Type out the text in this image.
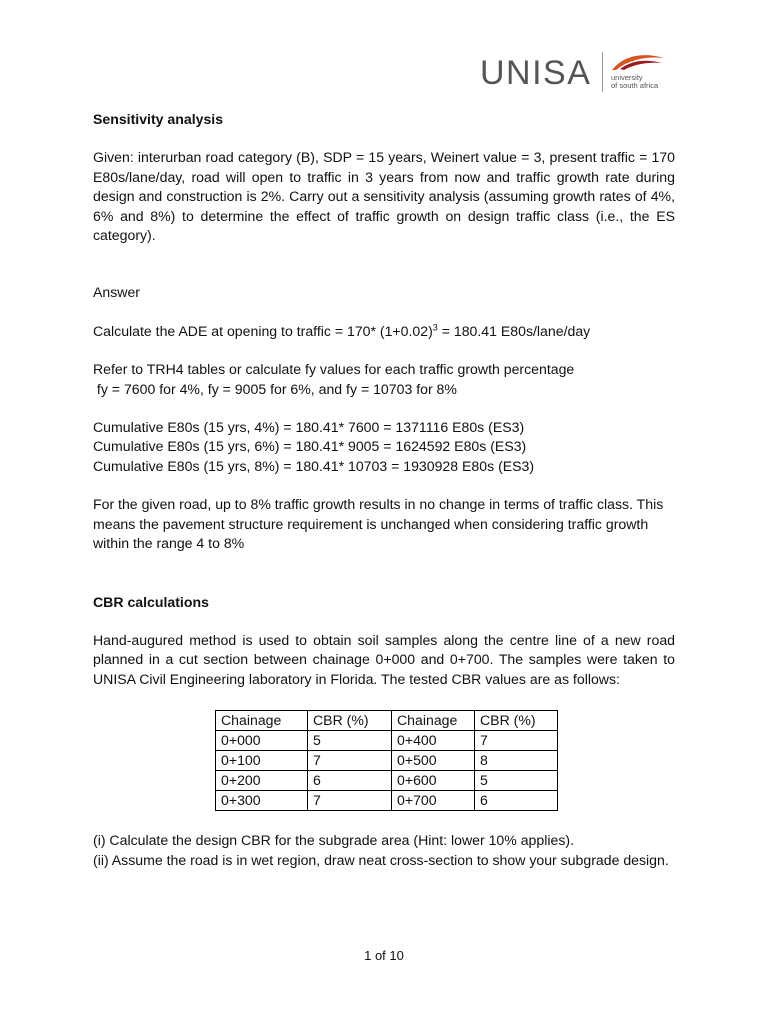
UNISA	university
of south africa

Sensitivity analysis

Given: interurban road category (B), SDP = 15 years, Weinert value = 3, present traffic = 170 E80s/lane/day, road will open to traffic in 3 years from now and traffic growth rate during design and construction is 2%. Carry out a sensitivity analysis (assuming growth rates of 4%, 6% and 8%) to determine the effect of traffic growth on design traffic class (i.e., the ES category).

Answer

Calculate the ADE at opening to traffic = 170* $(1+0.02)^3 = 180.41$ E80s/lane/day

Refer to TRH4 tables or calculate fy values for each traffic growth percentage

fy = 7600 for 4%, fy = 9005 for 6%, and fy = 10703 for 8%

Cumulative E80s (15 yrs, 4%) = 180.41* 7600 = 1371116 E80s (ES3)

Cumulative E80s (15 yrs, 6%) = 180.41* 9005 = 1624592 E80s (ES3)

Cumulative E80s (15 yrs, 8%) = 180.41* 10703 = 1930928 E80s (ES3)

For the given road, up to 8% traffic growth results in no change in terms of traffic class. This means the pavement structure requirement is unchanged when considering traffic growth within the range 4 to 8%

CBR calculations

Hand-augured method is used to obtain soil samples along the centre line of a new road planned in a cut section between chainage 0+000 and 0+700. The samples were taken to UNISA Civil Engineering laboratory in Florida. The tested CBR values are as follows:

Chainage	CBR (%)	Chainage	CBR (%)
0+000	5	0+400	7
0+100	7	0+500	8
0+200	6	0+600	5
0+300	7	0+700	6

(i) Calculate the design CBR for the subgrade area (Hint: lower 10% applies).

(ii) Assume the road is in wet region, draw neat cross-section to show your subgrade design.

1 of 10
